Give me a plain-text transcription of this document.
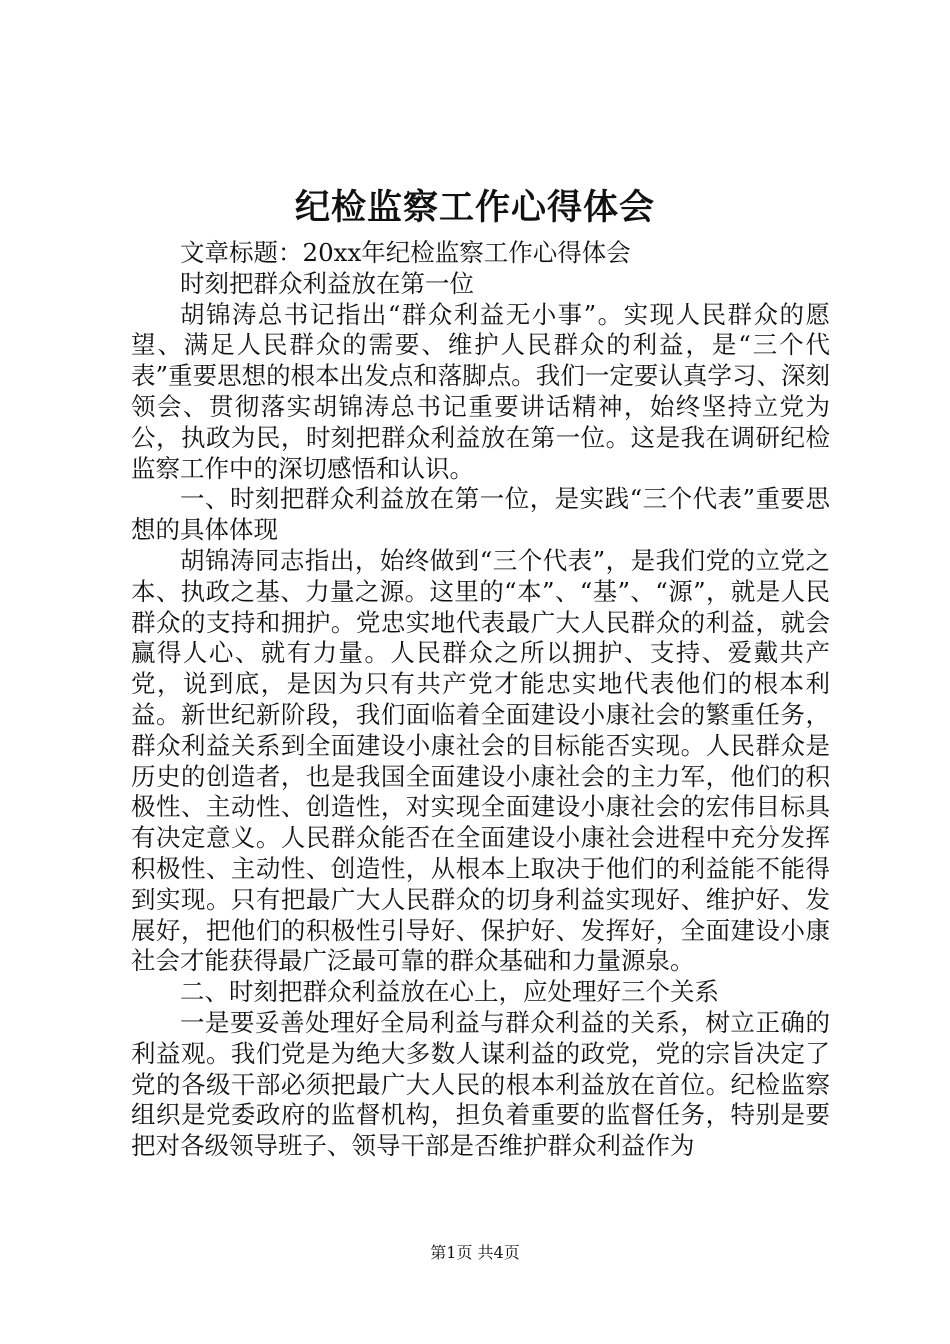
纪检监察工作心得体会

文章标题：20xx年纪检监察工作心得体会

时刻把群众利益放在第一位

胡锦涛总书记指出“群众利益无小事”。实现人民群众的愿望、满足人民群众的需要、维护人民群众的利益，是“三个代表”重要思想的根本出发点和落脚点。我们一定要认真学习、深刻领会、贯彻落实胡锦涛总书记重要讲话精神，始终坚持立党为公，执政为民，时刻把群众利益放在第一位。这是我在调研纪检监察工作中的深切感悟和认识。

一、时刻把群众利益放在第一位，是实践“三个代表”重要思想的具体体现

胡锦涛同志指出，始终做到“三个代表”，是我们党的立党之本、执政之基、力量之源。这里的“本”、“基”、“源”，就是人民群众的支持和拥护。党忠实地代表最广大人民群众的利益，就会赢得人心、就有力量。人民群众之所以拥护、支持、爱戴共产党，说到底，是因为只有共产党才能忠实地代表他们的根本利益。新世纪新阶段，我们面临着全面建设小康社会的繁重任务，群众利益关系到全面建设小康社会的目标能否实现。人民群众是历史的创造者，也是我国全面建设小康社会的主力军，他们的积极性、主动性、创造性，对实现全面建设小康社会的宏伟目标具有决定意义。人民群众能否在全面建设小康社会进程中充分发挥积极性、主动性、创造性，从根本上取决于他们的利益能不能得到实现。只有把最广大人民群众的切身利益实现好、维护好、发展好，把他们的积极性引导好、保护好、发挥好，全面建设小康社会才能获得最广泛最可靠的群众基础和力量源泉。

二、时刻把群众利益放在心上，应处理好三个关系

一是要妥善处理好全局利益与群众利益的关系，树立正确的利益观。我们党是为绝大多数人谋利益的政党，党的宗旨决定了党的各级干部必须把最广大人民的根本利益放在首位。纪检监察组织是党委政府的监督机构，担负着重要的监督任务，特别是要把对各级领导班子、领导干部是否维护群众利益作为

第1页 共4页
